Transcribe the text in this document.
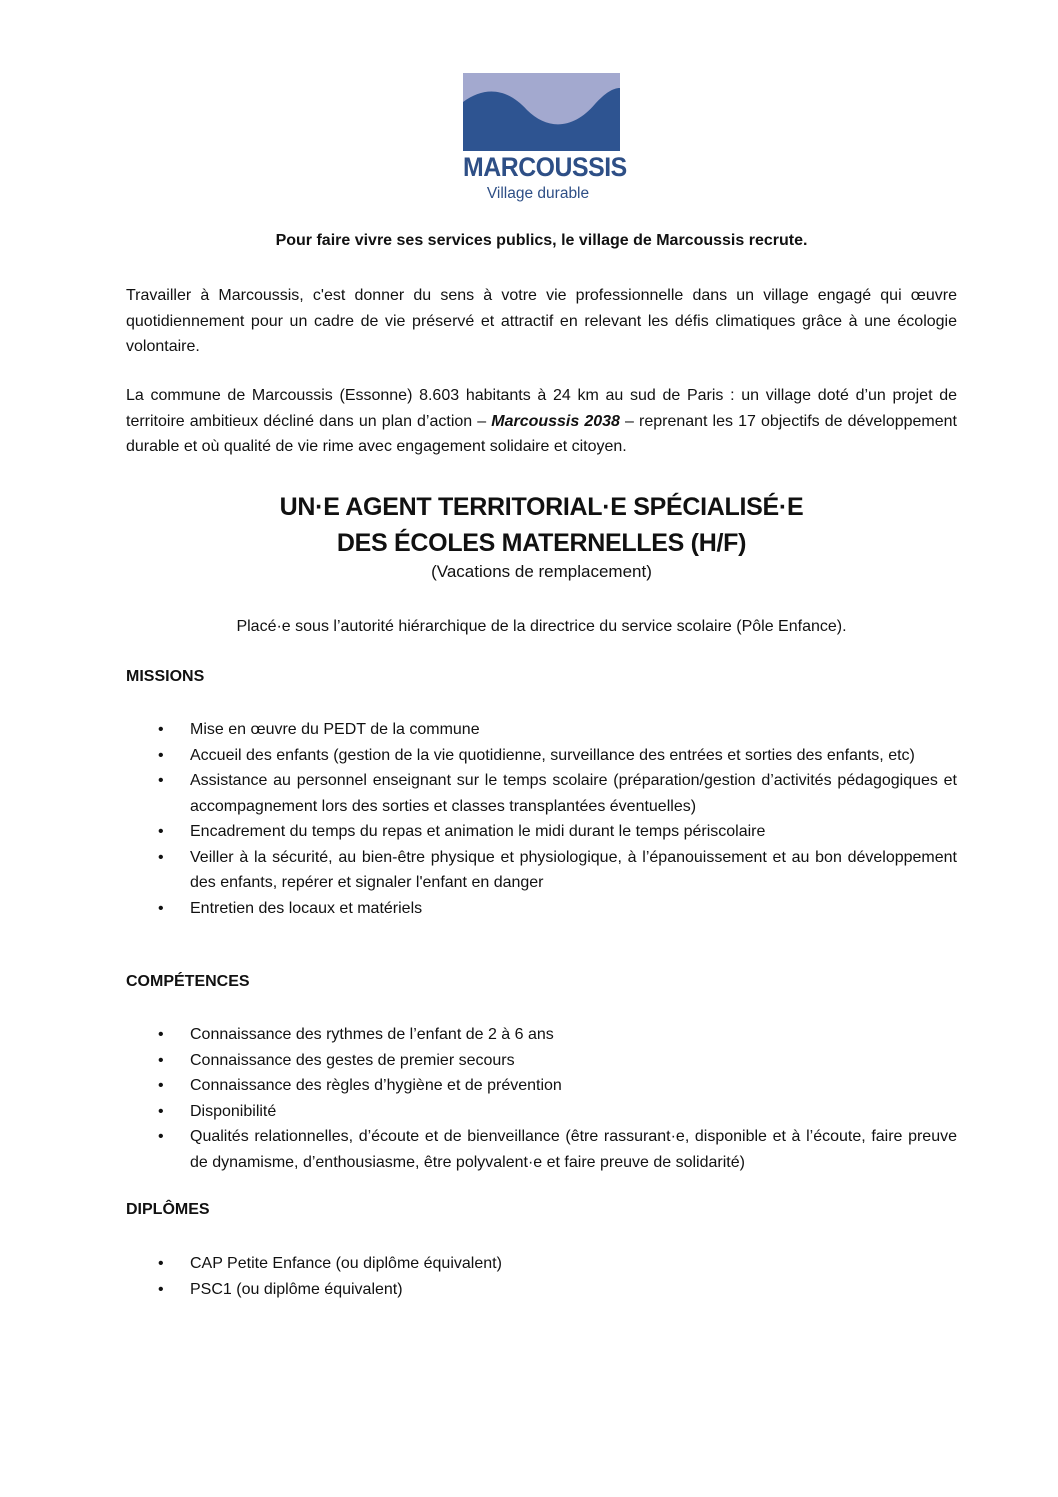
MARCOUSSIS
Village durable
Pour faire vivre ses services publics, le village de Marcoussis recrute.

Travailler à Marcoussis, c'est donner du sens à votre vie professionnelle dans un village engagé qui œuvre quotidiennement pour un cadre de vie préservé et attractif en relevant les défis climatiques grâce à une écologie volontaire.

La commune de Marcoussis (Essonne) 8.603 habitants à 24 km au sud de Paris : un village doté d’un projet de territoire ambitieux décliné dans un plan d’action – Marcoussis 2038 – reprenant les 17 objectifs de développement durable et où qualité de vie rime avec engagement solidaire et citoyen.

UN·E AGENT TERRITORIAL·E SPÉCIALISÉ·E
DES ÉCOLES MATERNELLES (H/F)
(Vacations de remplacement)
Placé·e sous l’autorité hiérarchique de la directrice du service scolaire (Pôle Enfance).
MISSIONS
• Mise en œuvre du PEDT de la commune
• Accueil des enfants (gestion de la vie quotidienne, surveillance des entrées et sorties des enfants, etc)
• Assistance au personnel enseignant sur le temps scolaire (préparation/gestion d’activités pédagogiques et accompagnement lors des sorties et classes transplantées éventuelles)
• Encadrement du temps du repas et animation le midi durant le temps périscolaire
• Veiller à la sécurité, au bien-être physique et physiologique, à l’épanouissement et au bon développement des enfants, repérer et signaler l'enfant en danger
• Entretien des locaux et matériels
COMPÉTENCES
• Connaissance des rythmes de l’enfant de 2 à 6 ans
• Connaissance des gestes de premier secours
• Connaissance des règles d’hygiène et de prévention
• Disponibilité
• Qualités relationnelles, d’écoute et de bienveillance (être rassurant·e, disponible et à l’écoute, faire preuve de dynamisme, d’enthousiasme, être polyvalent·e et faire preuve de solidarité)
DIPLÔMES
• CAP Petite Enfance (ou diplôme équivalent)
• PSC1 (ou diplôme équivalent)
